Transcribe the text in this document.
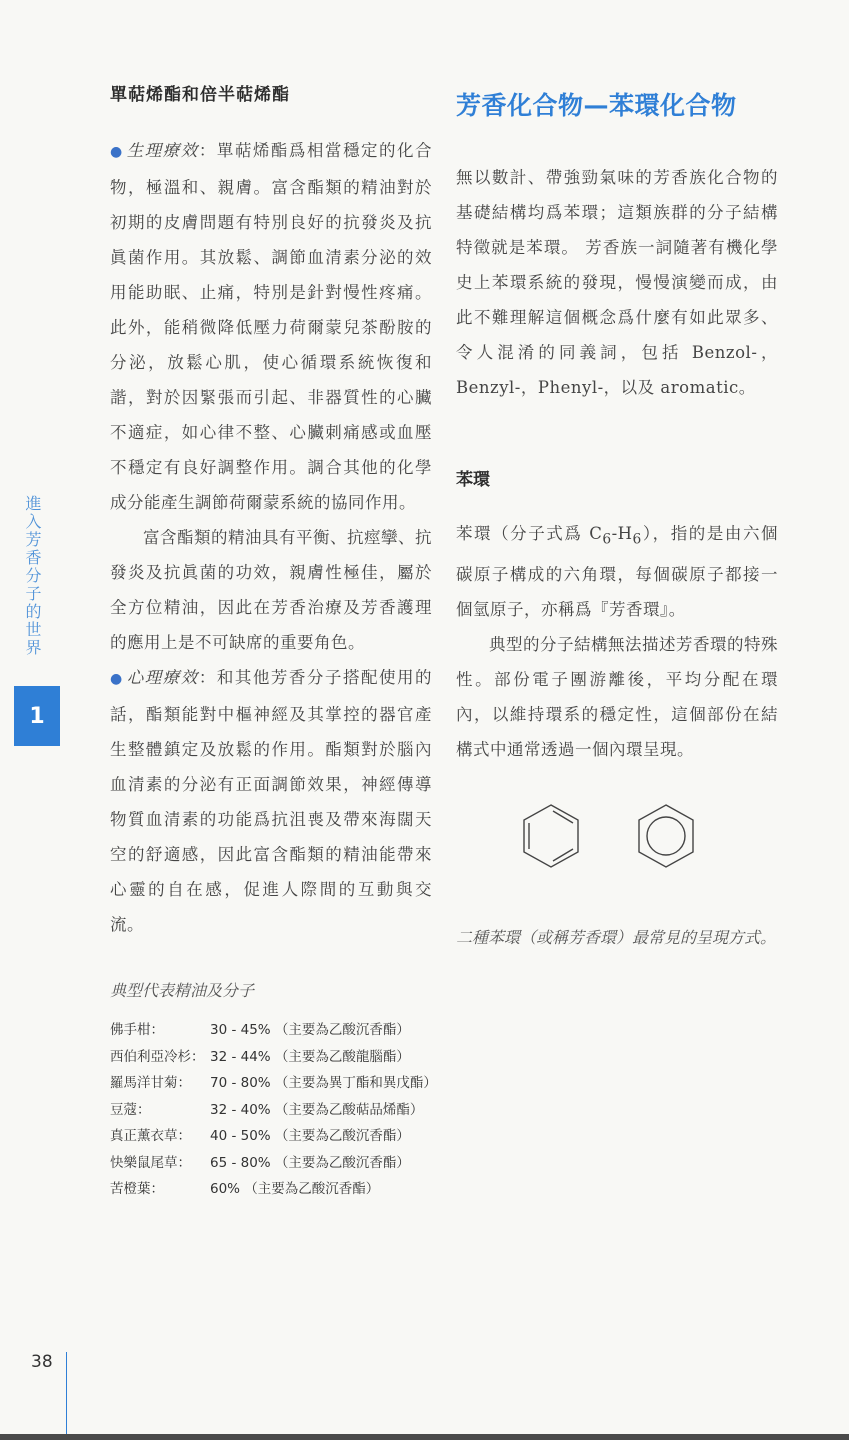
單萜烯酯和倍半萜烯酯

● 生理療效：單萜烯酯爲相當穩定的化合物，極溫和、親膚。富含酯類的精油對於初期的皮膚問題有特別良好的抗發炎及抗眞菌作用。其放鬆、調節血清素分泌的效用能助眠、止痛，特別是針對慢性疼痛。此外，能稍微降低壓力荷爾蒙兒茶酚胺的分泌，放鬆心肌，使心循環系統恢復和諧，對於因緊張而引起、非器質性的心臟不適症，如心律不整、心臟刺痛感或血壓不穩定有良好調整作用。調合其他的化學成分能產生調節荷爾蒙系統的協同作用。

富含酯類的精油具有平衡、抗痙攣、抗發炎及抗眞菌的功效，親膚性極佳，屬於全方位精油，因此在芳香治療及芳香護理的應用上是不可缺席的重要角色。

● 心理療效：和其他芳香分子搭配使用的話，酯類能對中樞神經及其掌控的器官產生整體鎮定及放鬆的作用。酯類對於腦內血清素的分泌有正面調節效果，神經傳導物質血清素的功能爲抗沮喪及帶來海闊天空的舒適感，因此富含酯類的精油能帶來心靈的自在感，促進人際間的互動與交流。

典型代表精油及分子
佛手柑：	30 - 45% （主要為乙酸沉香酯）
西伯利亞冷杉： 32 - 44% （主要為乙酸龍腦酯）
羅馬洋甘菊：	70 - 80% （主要為異丁酯和異戊酯）
豆蔻：	32 - 40% （主要為乙酸萜品烯酯）
真正薰衣草：	40 - 50% （主要為乙酸沉香酯）
快樂鼠尾草：	65 - 80% （主要為乙酸沉香酯）
苦橙葉：	60% （主要為乙酸沉香酯）
芳香化合物—苯環化合物

無以數計、帶強勁氣味的芳香族化合物的基礎結構均爲苯環；這類族群的分子結構特徵就是苯環。 芳香族一詞隨著有機化學史上苯環系統的發現，慢慢演變而成，由此不難理解這個概念爲什麼有如此眾多、令人混淆的同義詞，包括 Benzol-， Benzyl-，Phenyl-，以及 aromatic。

苯環

苯環（分子式爲 $C_6-H_6$），指的是由六個碳原子構成的六角環，每個碳原子都接一個氫原子，亦稱爲『芳香環』。

典型的分子結構無法描述芳香環的特殊性。部份電子團游離後，平均分配在環內，以維持環系的穩定性，這個部份在結構式中通常透過一個內環呈現。

二種苯環（或稱芳香環）最常見的呈現方式。
進入芳香分子的世界
1
38
